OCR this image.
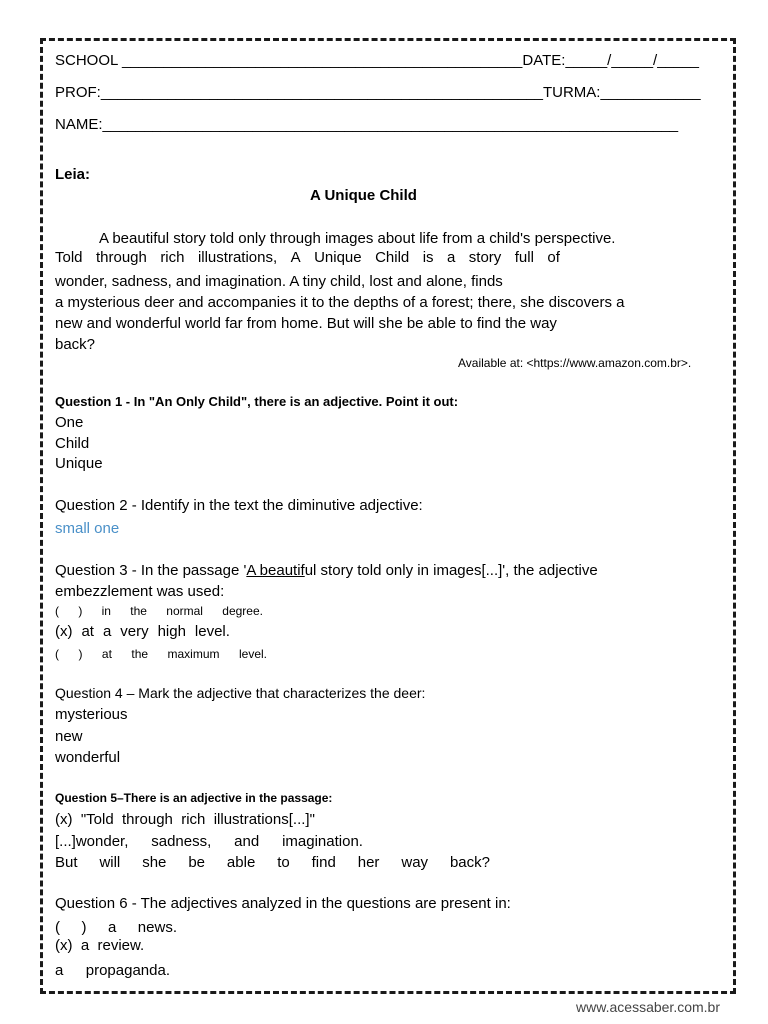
SCHOOL ________________________________________________DATE:_____/_____/_____
PROF:_____________________________________________________TURMA:____________
NAME:_____________________________________________________________________
Leia:
A Unique Child
A beautiful story told only through images about life from a child's perspective.
Told through rich illustrations, A Unique Child is a story full of
wonder, sadness, and imagination. A tiny child, lost and alone, finds
a mysterious deer and accompanies it to the depths of a forest; there, she discovers a
new and wonderful world far from home. But will she be able to find the way
back?
Available at: <https://www.amazon.com.br>.
Question 1 - In "An Only Child", there is an adjective. Point it out:
One
Child
Unique
Question 2 - Identify in the text the diminutive adjective:
small one
Question 3 - In the passage 'A beautiful story told only in images[...]', the adjective
embezzlement was used:
( ) in the normal degree.
(x) at a very high level.
( ) at the maximum level.
Question 4 – Mark the adjective that characterizes the deer:
mysterious
new
wonderful
Question 5–There is an adjective in the passage:
(x)  "Told  through  rich  illustrations[...]"
[...]wonder, sadness, and imagination.
But will she be able to find her way back?
Question 6 - The adjectives analyzed in the questions are present in:
( ) a news.
(x)  a  review.
a propaganda.
www.acessaber.com.br
